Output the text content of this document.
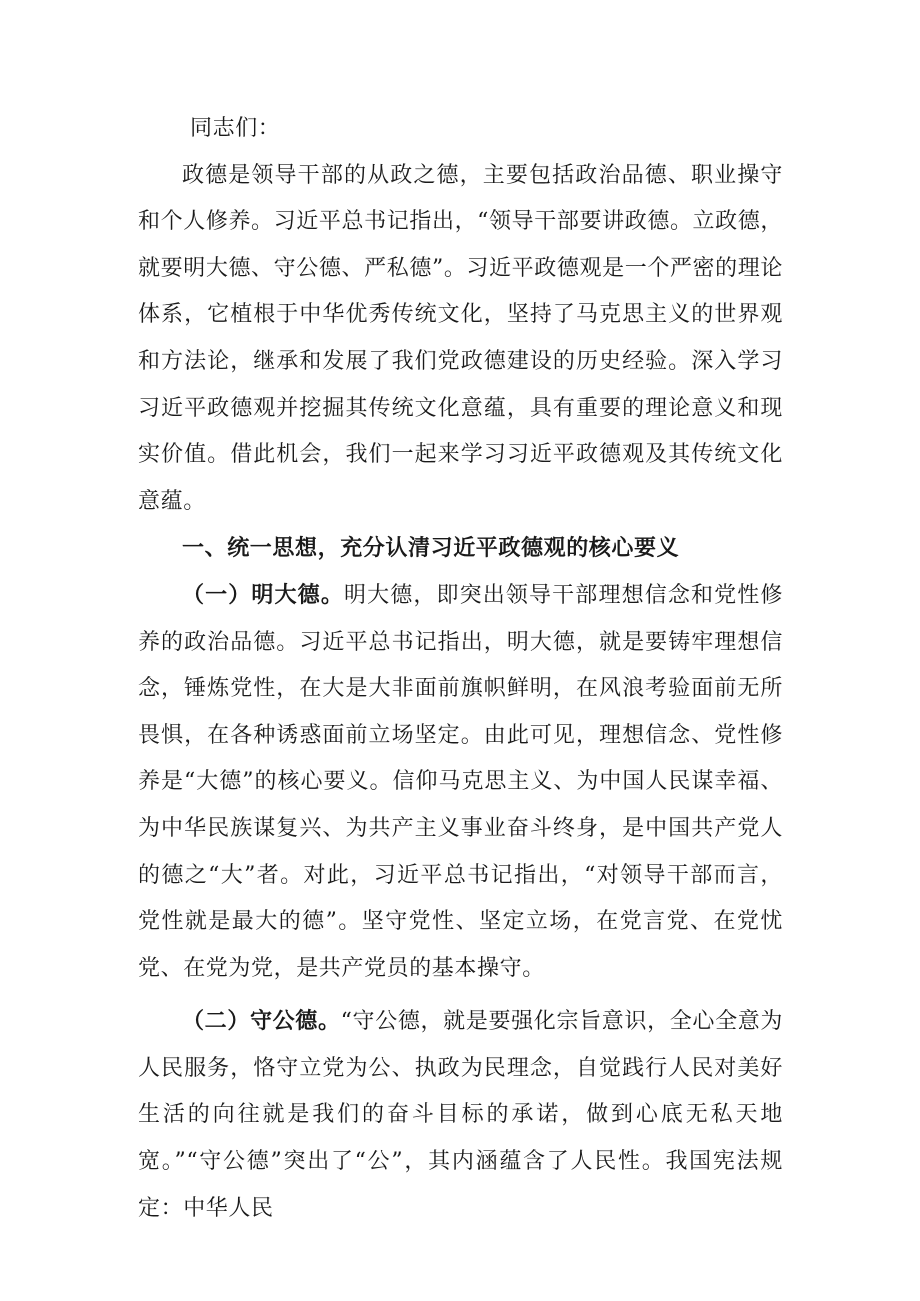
同志们：

政德是领导干部的从政之德，主要包括政治品德、职业操守和个人修养。习近平总书记指出，“领导干部要讲政德。立政德，就要明大德、守公德、严私德”。习近平政德观是一个严密的理论体系，它植根于中华优秀传统文化，坚持了马克思主义的世界观和方法论，继承和发展了我们党政德建设的历史经验。深入学习习近平政德观并挖掘其传统文化意蕴，具有重要的理论意义和现实价值。借此机会，我们一起来学习习近平政德观及其传统文化意蕴。

一、统一思想，充分认清习近平政德观的核心要义

（一）明大德。明大德，即突出领导干部理想信念和党性修养的政治品德。习近平总书记指出，明大德，就是要铸牢理想信念，锤炼党性，在大是大非面前旗帜鲜明，在风浪考验面前无所畏惧，在各种诱惑面前立场坚定。由此可见，理想信念、党性修养是“大德”的核心要义。信仰马克思主义、为中国人民谋幸福、为中华民族谋复兴、为共产主义事业奋斗终身，是中国共产党人的德之“大”者。对此，习近平总书记指出，“对领导干部而言，党性就是最大的德”。坚守党性、坚定立场，在党言党、在党忧党、在党为党，是共产党员的基本操守。

（二）守公德。“守公德，就是要强化宗旨意识，全心全意为人民服务，恪守立党为公、执政为民理念，自觉践行人民对美好生活的向往就是我们的奋斗目标的承诺，做到心底无私天地宽。”“守公德”突出了“公”，其内涵蕴含了人民性。我国宪法规定：中华人民
